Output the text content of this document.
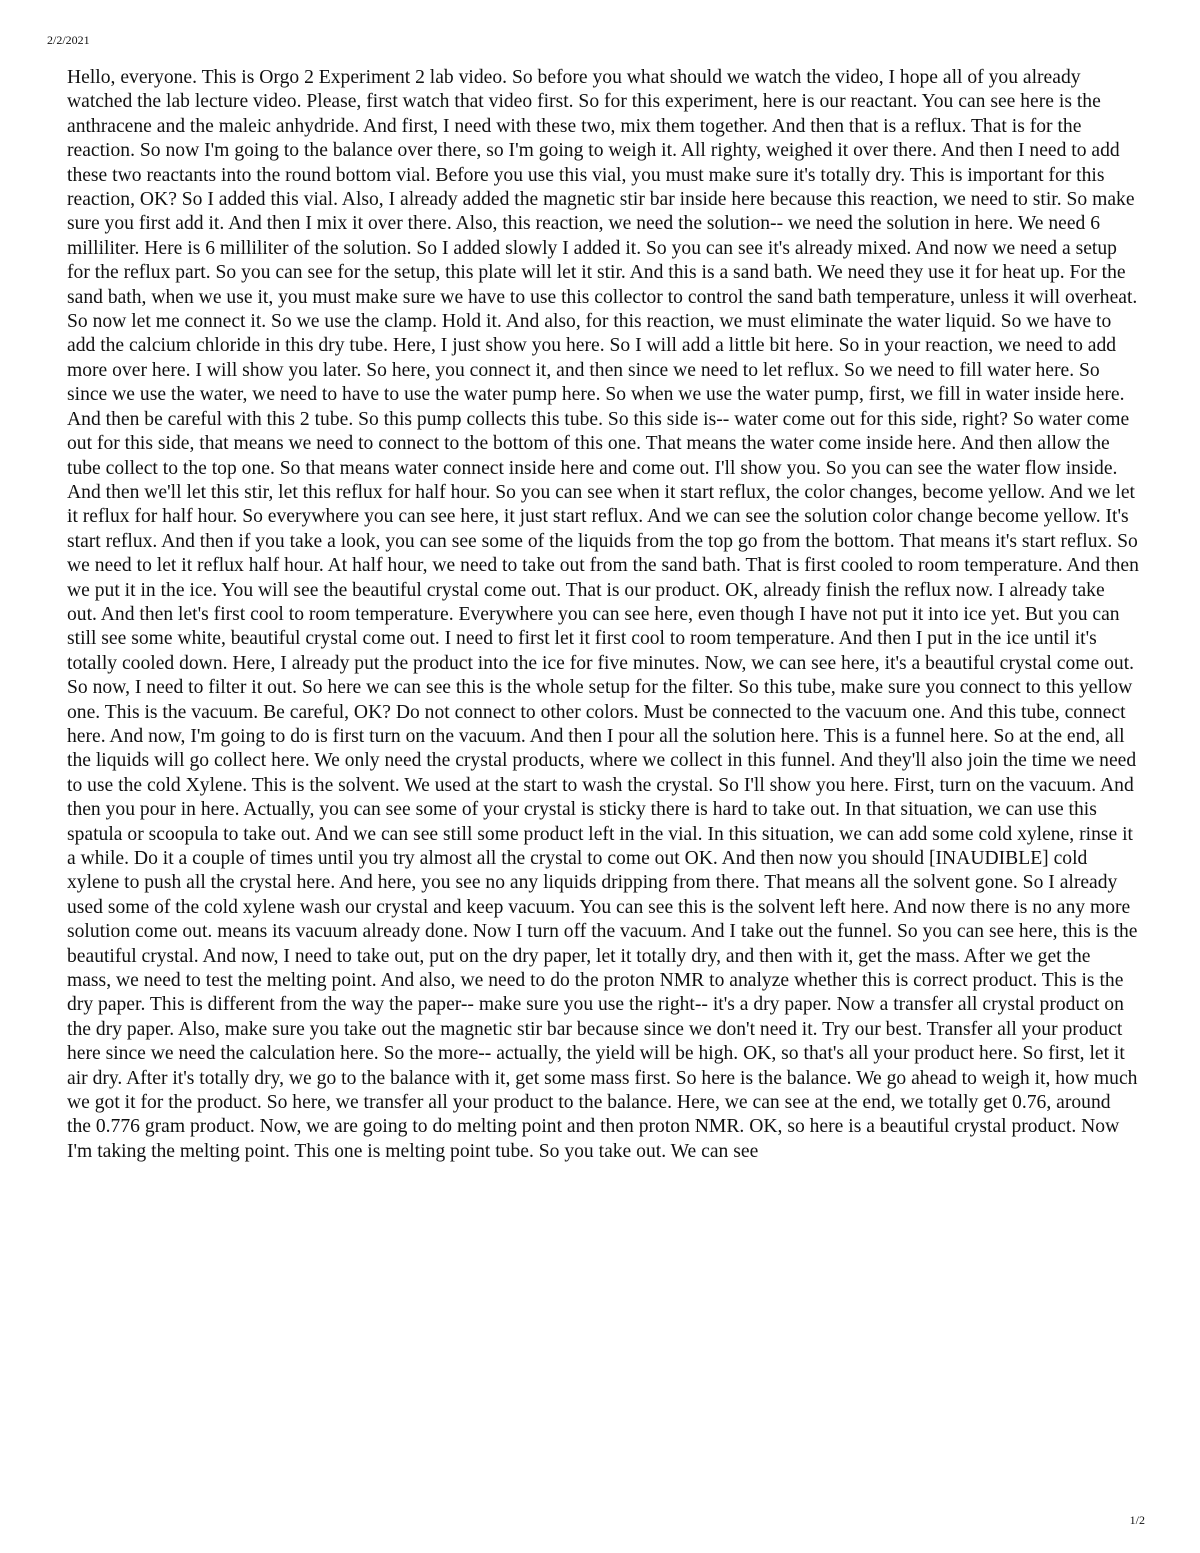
2/2/2021

Hello, everyone. This is Orgo 2 Experiment 2 lab video. So before you what should we watch the video, I hope all of you already watched the lab lecture video. Please, first watch that video first. So for this experiment, here is our reactant. You can see here is the anthracene and the maleic anhydride. And first, I need with these two, mix them together. And then that is a reflux. That is for the reaction. So now I'm going to the balance over there, so I'm going to weigh it. All righty, weighed it over there. And then I need to add these two reactants into the round bottom vial. Before you use this vial, you must make sure it's totally dry. This is important for this reaction, OK? So I added this vial. Also, I already added the magnetic stir bar inside here because this reaction, we need to stir. So make sure you first add it. And then I mix it over there. Also, this reaction, we need the solution-- we need the solution in here. We need 6 milliliter. Here is 6 milliliter of the solution. So I added slowly I added it. So you can see it's already mixed. And now we need a setup for the reflux part. So you can see for the setup, this plate will let it stir. And this is a sand bath. We need they use it for heat up. For the sand bath, when we use it, you must make sure we have to use this collector to control the sand bath temperature, unless it will overheat. So now let me connect it. So we use the clamp. Hold it. And also, for this reaction, we must eliminate the water liquid. So we have to add the calcium chloride in this dry tube. Here, I just show you here. So I will add a little bit here. So in your reaction, we need to add more over here. I will show you later. So here, you connect it, and then since we need to let reflux. So we need to fill water here. So since we use the water, we need to have to use the water pump here. So when we use the water pump, first, we fill in water inside here. And then be careful with this 2 tube. So this pump collects this tube. So this side is-- water come out for this side, right? So water come out for this side, that means we need to connect to the bottom of this one. That means the water come inside here. And then allow the tube collect to the top one. So that means water connect inside here and come out. I'll show you. So you can see the water flow inside. And then we'll let this stir, let this reflux for half hour. So you can see when it start reflux, the color changes, become yellow. And we let it reflux for half hour. So everywhere you can see here, it just start reflux. And we can see the solution color change become yellow. It's start reflux. And then if you take a look, you can see some of the liquids from the top go from the bottom. That means it's start reflux. So we need to let it reflux half hour. At half hour, we need to take out from the sand bath. That is first cooled to room temperature. And then we put it in the ice. You will see the beautiful crystal come out. That is our product. OK, already finish the reflux now. I already take out. And then let's first cool to room temperature. Everywhere you can see here, even though I have not put it into ice yet. But you can still see some white, beautiful crystal come out. I need to first let it first cool to room temperature. And then I put in the ice until it's totally cooled down. Here, I already put the product into the ice for five minutes. Now, we can see here, it's a beautiful crystal come out. So now, I need to filter it out. So here we can see this is the whole setup for the filter. So this tube, make sure you connect to this yellow one. This is the vacuum. Be careful, OK? Do not connect to other colors. Must be connected to the vacuum one. And this tube, connect here. And now, I'm going to do is first turn on the vacuum. And then I pour all the solution here. This is a funnel here. So at the end, all the liquids will go collect here. We only need the crystal products, where we collect in this funnel. And they'll also join the time we need to use the cold Xylene. This is the solvent. We used at the start to wash the crystal. So I'll show you here. First, turn on the vacuum. And then you pour in here. Actually, you can see some of your crystal is sticky there is hard to take out. In that situation, we can use this spatula or scoopula to take out. And we can see still some product left in the vial. In this situation, we can add some cold xylene, rinse it a while. Do it a couple of times until you try almost all the crystal to come out OK. And then now you should [INAUDIBLE] cold xylene to push all the crystal here. And here, you see no any liquids dripping from there. That means all the solvent gone. So I already used some of the cold xylene wash our crystal and keep vacuum. You can see this is the solvent left here. And now there is no any more solution come out. means its vacuum already done. Now I turn off the vacuum. And I take out the funnel. So you can see here, this is the beautiful crystal. And now, I need to take out, put on the dry paper, let it totally dry, and then with it, get the mass. After we get the mass, we need to test the melting point. And also, we need to do the proton NMR to analyze whether this is correct product. This is the dry paper. This is different from the way the paper-- make sure you use the right-- it's a dry paper. Now a transfer all crystal product on the dry paper. Also, make sure you take out the magnetic stir bar because since we don't need it. Try our best. Transfer all your product here since we need the calculation here. So the more-- actually, the yield will be high. OK, so that's all your product here. So first, let it air dry. After it's totally dry, we go to the balance with it, get some mass first. So here is the balance. We go ahead to weigh it, how much we got it for the product. So here, we transfer all your product to the balance. Here, we can see at the end, we totally get 0.76, around the 0.776 gram product. Now, we are going to do melting point and then proton NMR. OK, so here is a beautiful crystal product. Now I'm taking the melting point. This one is melting point tube. So you take out. We can see

1/2
